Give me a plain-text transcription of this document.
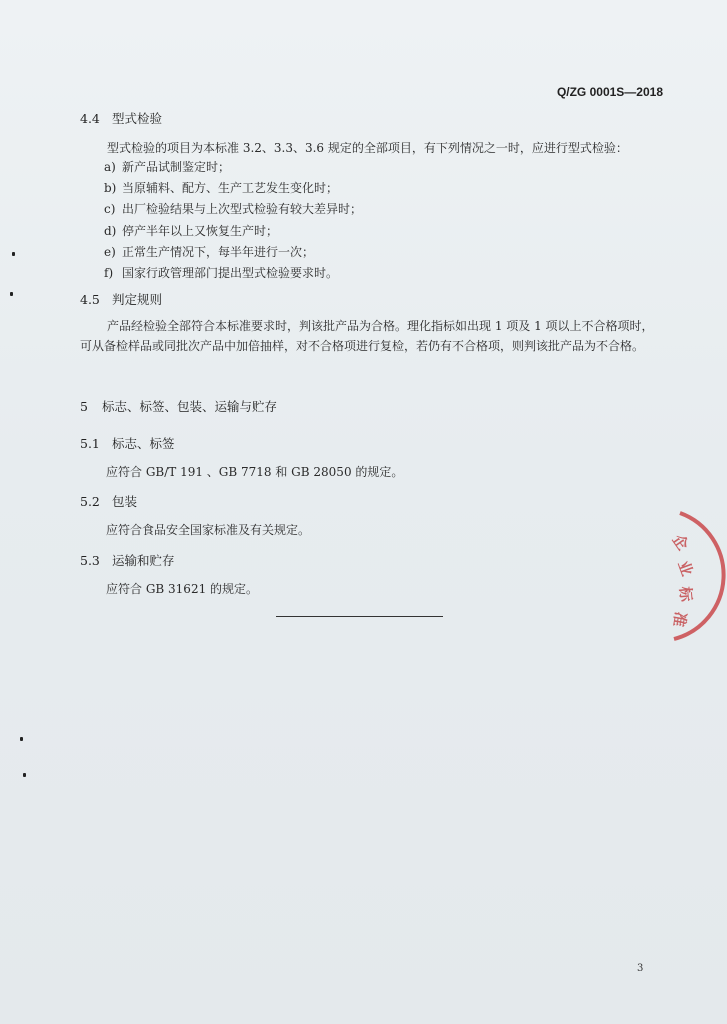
Q/ZG 0001S—2018
4.4 型式检验
型式检验的项目为本标准 3.2、3.3、3.6 规定的全部项目，有下列情况之一时，应进行型式检验：
a) 新产品试制鉴定时；
b) 当原辅料、配方、生产工艺发生变化时；
c) 出厂检验结果与上次型式检验有较大差异时；
d) 停产半年以上又恢复生产时；
e) 正常生产情况下，每半年进行一次；
f) 国家行政管理部门提出型式检验要求时。
4.5 判定规则
产品经检验全部符合本标准要求时，判该批产品为合格。理化指标如出现 1 项及 1 项以上不合格项时，可从备检样品或同批次产品中加倍抽样，对不合格项进行复检，若仍有不合格项，则判该批产品为不合格。
5 标志、标签、包装、运输与贮存
5.1 标志、标签
应符合 GB/T 191 、GB 7718 和 GB 28050 的规定。
5.2 包装
应符合食品安全国家标准及有关规定。
5.3 运输和贮存
应符合 GB 31621 的规定。
企
业
标
准
3
